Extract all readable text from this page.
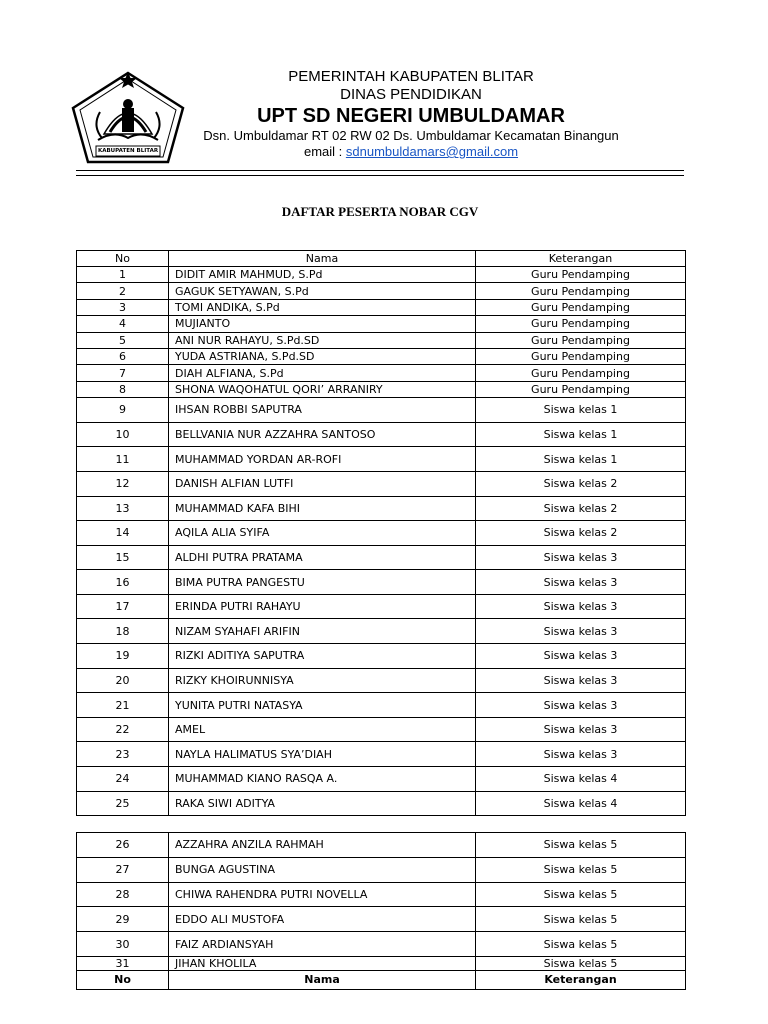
KABUPATEN BLITAR
PEMERINTAH KABUPATEN BLITAR
DINAS PENDIDIKAN
UPT SD NEGERI UMBULDAMAR
Dsn. Umbuldamar RT 02 RW 02 Ds. Umbuldamar Kecamatan Binangun
email : sdnumbuldamars@gmail.com
DAFTAR PESERTA NOBAR CGV
No	Nama	Keterangan
1	DIDIT AMIR MAHMUD, S.Pd	Guru Pendamping
2	GAGUK SETYAWAN, S.Pd	Guru Pendamping
3	TOMI ANDIKA, S.Pd	Guru Pendamping
4	MUJIANTO	Guru Pendamping
5	ANI NUR RAHAYU, S.Pd.SD	Guru Pendamping
6	YUDA ASTRIANA, S.Pd.SD	Guru Pendamping
7	DIAH ALFIANA, S.Pd	Guru Pendamping
8	SHONA WAQOHATUL QORI’ ARRANIRY	Guru Pendamping
9	IHSAN ROBBI SAPUTRA	Siswa kelas 1
10	BELLVANIA NUR AZZAHRA SANTOSO	Siswa kelas 1
11	MUHAMMAD YORDAN AR-ROFI	Siswa kelas 1
12	DANISH ALFIAN LUTFI	Siswa kelas 2
13	MUHAMMAD KAFA BIHI	Siswa kelas 2
14	AQILA ALIA SYIFA	Siswa kelas 2
15	ALDHI PUTRA PRATAMA	Siswa kelas 3
16	BIMA PUTRA PANGESTU	Siswa kelas 3
17	ERINDA PUTRI RAHAYU	Siswa kelas 3
18	NIZAM SYAHAFI ARIFIN	Siswa kelas 3
19	RIZKI ADITIYA SAPUTRA	Siswa kelas 3
20	RIZKY KHOIRUNNISYA	Siswa kelas 3
21	YUNITA PUTRI NATASYA	Siswa kelas 3
22	AMEL	Siswa kelas 3
23	NAYLA HALIMATUS SYA’DIAH	Siswa kelas 3
24	MUHAMMAD KIANO RASQA A.	Siswa kelas 4
25	RAKA SIWI ADITYA	Siswa kelas 4
26	AZZAHRA ANZILA RAHMAH	Siswa kelas 5
27	BUNGA AGUSTINA	Siswa kelas 5
28	CHIWA RAHENDRA PUTRI NOVELLA	Siswa kelas 5
29	EDDO ALI MUSTOFA	Siswa kelas 5
30	FAIZ ARDIANSYAH	Siswa kelas 5
31	JIHAN KHOLILA	Siswa kelas 5
No	Nama	Keterangan
